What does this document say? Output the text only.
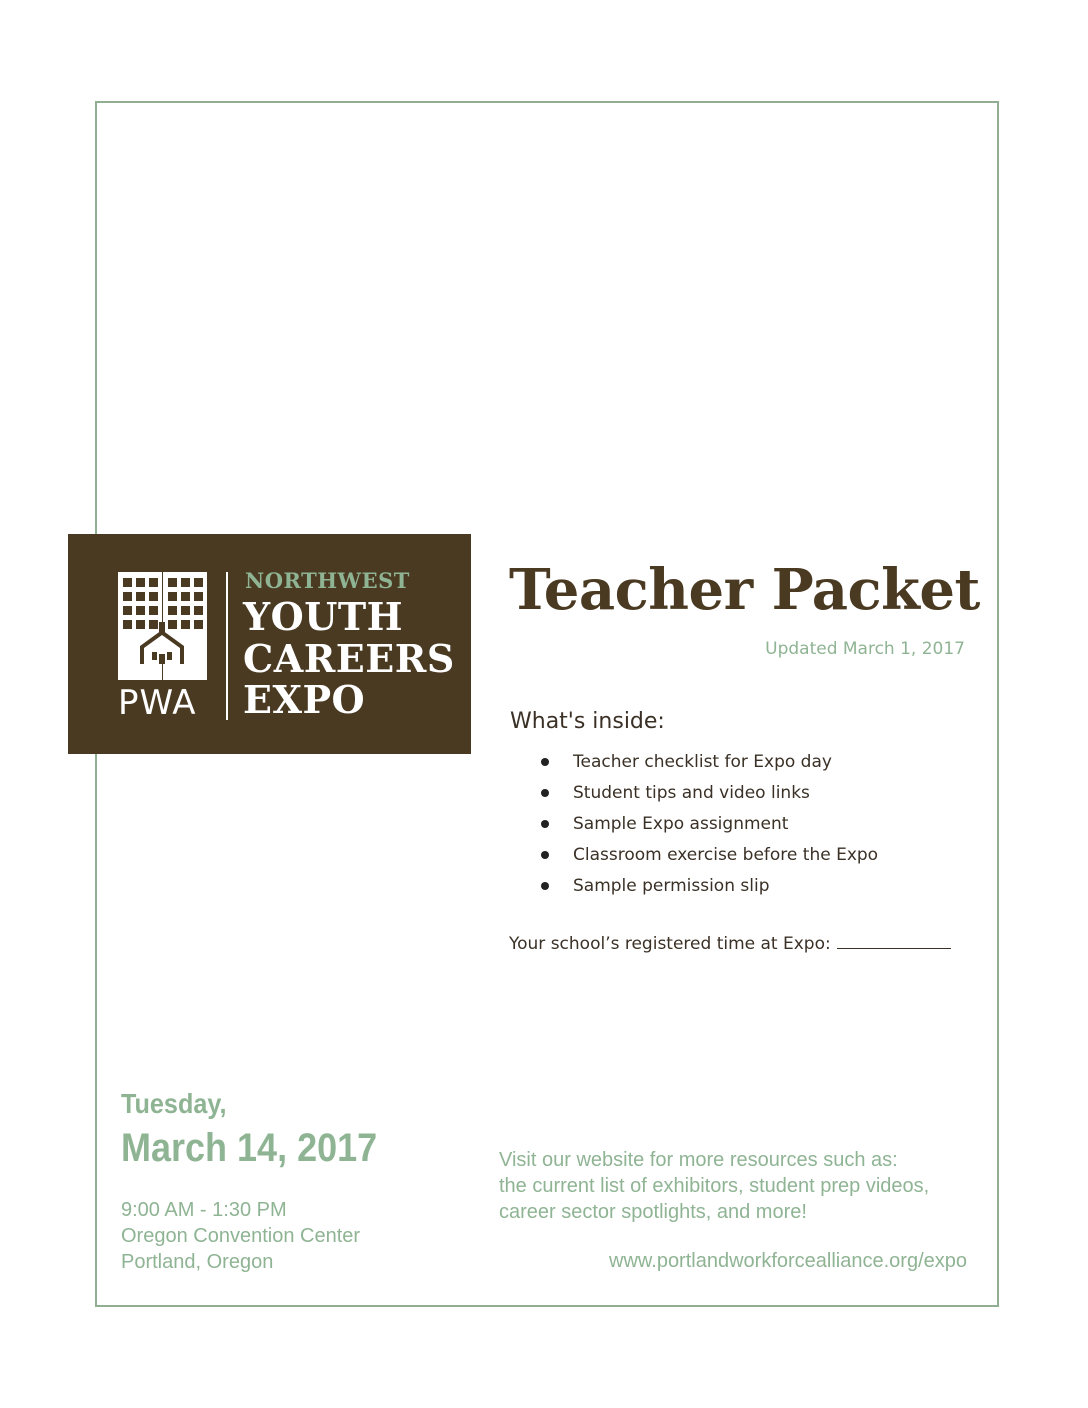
NORTHWEST
YOUTH
CAREERS
EXPO
PWA
Teacher Packet
Updated March 1, 2017
What's inside:
Teacher checklist for Expo day
Student tips and video links
Sample Expo assignment
Classroom exercise before the Expo
Sample permission slip
Your school’s registered time at Expo:
Tuesday,
March 14, 2017
9:00 AM - 1:30 PM
Oregon Convention Center
Portland, Oregon
Visit our website for more resources such as:
the current list of exhibitors, student prep videos,
career sector spotlights, and more!
www.portlandworkforcealliance.org/expo
